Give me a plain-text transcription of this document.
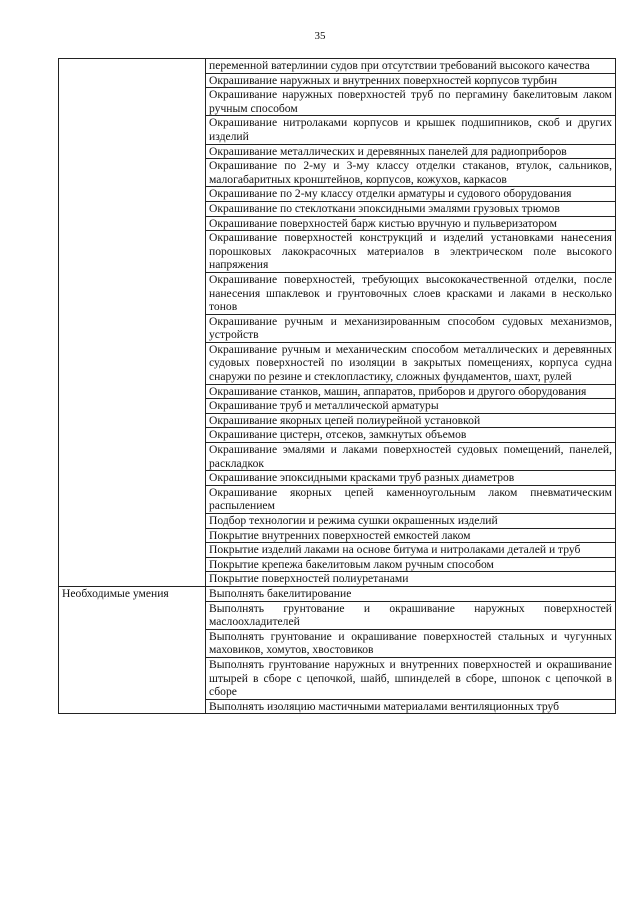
35
	переменной ватерлинии судов при отсутствии требований высокого качества
	Окрашивание наружных и внутренних поверхностей корпусов турбин
	Окрашивание наружных поверхностей труб по пергамину бакелитовым лаком ручным способом
	Окрашивание нитролаками корпусов и крышек подшипников, скоб и других изделий
	Окрашивание металлических и деревянных панелей для радиоприборов
	Окрашивание по 2-му и 3-му классу отделки стаканов, втулок, сальников, малогабаритных кронштейнов, корпусов, кожухов, каркасов
	Окрашивание по 2-му классу отделки арматуры и судового оборудования
	Окрашивание по стеклоткани эпоксидными эмалями грузовых трюмов
	Окрашивание поверхностей барж кистью вручную и пульверизатором
	Окрашивание поверхностей конструкций и изделий установками нанесения порошковых лакокрасочных материалов в электрическом поле высокого напряжения
	Окрашивание поверхностей, требующих высококачественной отделки, после нанесения шпаклевок и грунтовочных слоев красками и лаками в несколько тонов
	Окрашивание ручным и механизированным способом судовых механизмов, устройств
	Окрашивание ручным и механическим способом металлических и деревянных судовых поверхностей по изоляции в закрытых помещениях, корпуса судна снаружи по резине и стеклопластику, сложных фундаментов, шахт, рулей
	Окрашивание станков, машин, аппаратов, приборов и другого оборудования
	Окрашивание труб и металлической арматуры
	Окрашивание якорных цепей полиурейной установкой
	Окрашивание цистерн, отсеков, замкнутых объемов
	Окрашивание эмалями и лаками поверхностей судовых помещений, панелей, раскладкок
	Окрашивание эпоксидными красками труб разных диаметров
	Окрашивание якорных цепей каменноугольным лаком пневматическим распылением
	Подбор технологии и режима сушки окрашенных изделий
	Покрытие внутренних поверхностей емкостей лаком
	Покрытие изделий лаками на основе битума и нитролаками деталей и труб
	Покрытие крепежа бакелитовым лаком ручным способом
	Покрытие поверхностей полиуретанами
Необходимые умения	Выполнять бакелитирование
	Выполнять грунтование и окрашивание наружных поверхностей маслоохладителей
	Выполнять грунтование и окрашивание поверхностей стальных и чугунных маховиков, хомутов, хвостовиков
	Выполнять грунтование наружных и внутренних поверхностей и окрашивание штырей в сборе с цепочкой, шайб, шпинделей в сборе, шпонок с цепочкой в сборе
	Выполнять изоляцию мастичными материалами вентиляционных труб
